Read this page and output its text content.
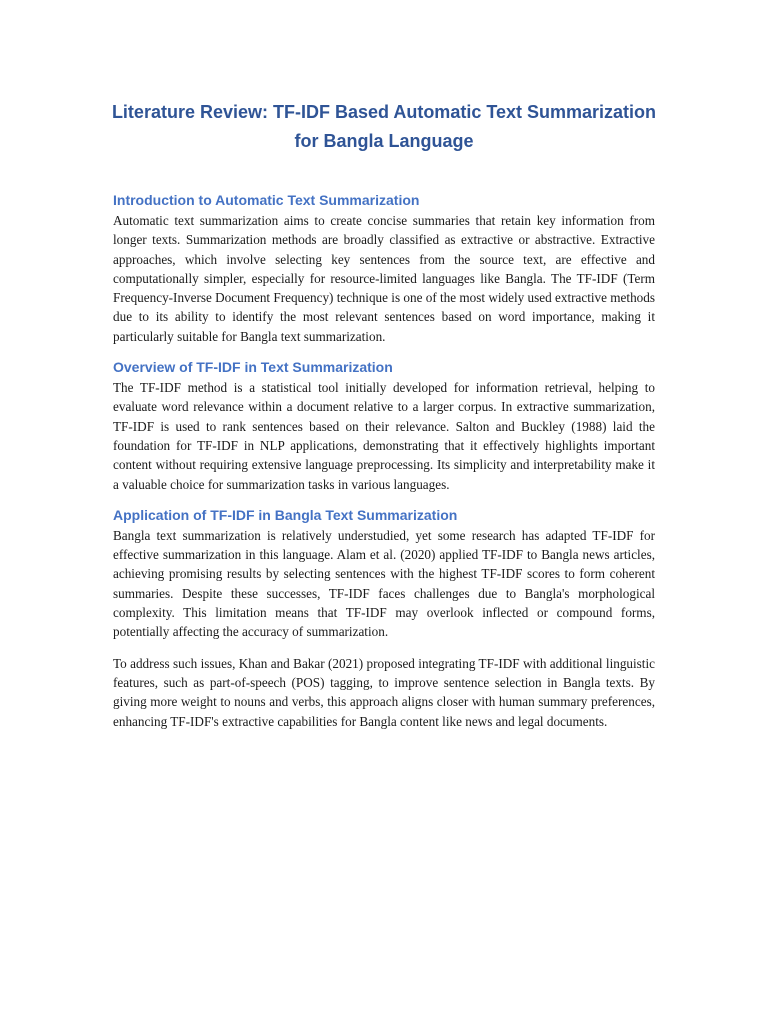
Literature Review: TF-IDF Based Automatic Text Summarization for Bangla Language
Introduction to Automatic Text Summarization

Automatic text summarization aims to create concise summaries that retain key information from longer texts. Summarization methods are broadly classified as extractive or abstractive. Extractive approaches, which involve selecting key sentences from the source text, are effective and computationally simpler, especially for resource-limited languages like Bangla. The TF-IDF (Term Frequency-Inverse Document Frequency) technique is one of the most widely used extractive methods due to its ability to identify the most relevant sentences based on word importance, making it particularly suitable for Bangla text summarization.

Overview of TF-IDF in Text Summarization

The TF-IDF method is a statistical tool initially developed for information retrieval, helping to evaluate word relevance within a document relative to a larger corpus. In extractive summarization, TF-IDF is used to rank sentences based on their relevance. Salton and Buckley (1988) laid the foundation for TF-IDF in NLP applications, demonstrating that it effectively highlights important content without requiring extensive language preprocessing. Its simplicity and interpretability make it a valuable choice for summarization tasks in various languages.

Application of TF-IDF in Bangla Text Summarization

Bangla text summarization is relatively understudied, yet some research has adapted TF-IDF for effective summarization in this language. Alam et al. (2020) applied TF-IDF to Bangla news articles, achieving promising results by selecting sentences with the highest TF-IDF scores to form coherent summaries. Despite these successes, TF-IDF faces challenges due to Bangla's morphological complexity. This limitation means that TF-IDF may overlook inflected or compound forms, potentially affecting the accuracy of summarization.

To address such issues, Khan and Bakar (2021) proposed integrating TF-IDF with additional linguistic features, such as part-of-speech (POS) tagging, to improve sentence selection in Bangla texts. By giving more weight to nouns and verbs, this approach aligns closer with human summary preferences, enhancing TF-IDF's extractive capabilities for Bangla content like news and legal documents.
